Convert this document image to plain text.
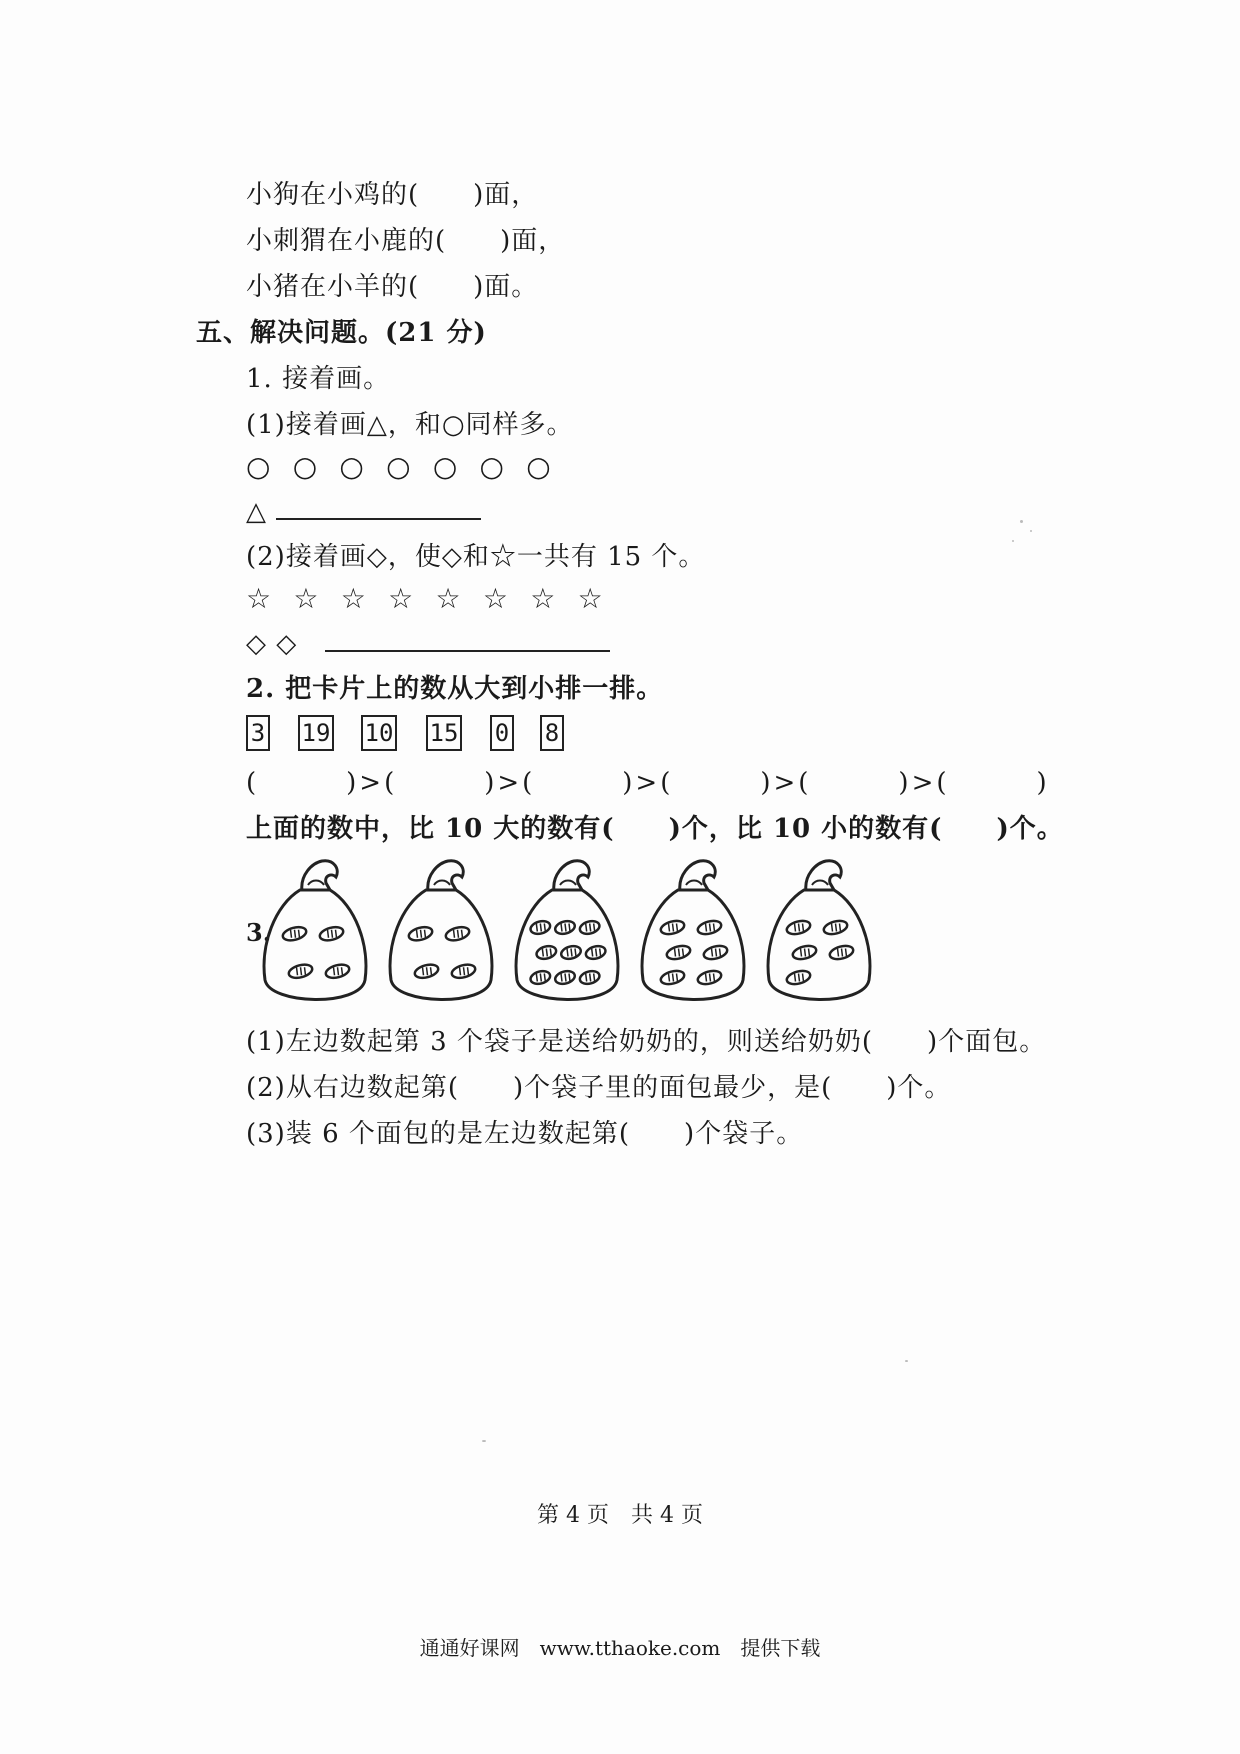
小狗在小鸡的(　　)面，
小刺猬在小鹿的(　　)面，
小猪在小羊的(　　)面。
五、解决问题。(21 分)
1. 接着画。
(1)接着画△，和○同样多。
○ ○ ○ ○ ○ ○ ○
△
(2)接着画◇，使◇和☆一共有 15 个。
☆ ☆ ☆ ☆ ☆ ☆ ☆ ☆
◇ ◇
2. 把卡片上的数从大到小排一排。
3 19 10 15 0 8
(　　　)>(　　　)>(　　　)>(　　　)>(　　　)>(　　　)
上面的数中，比 10 大的数有(　　)个，比 10 小的数有(　　)个。
3.
(1)左边数起第 3 个袋子是送给奶奶的，则送给奶奶(　　)个面包。
(2)从右边数起第(　　)个袋子里的面包最少，是(　　)个。
(3)装 6 个面包的是左边数起第(　　)个袋子。
第 4 页　共 4 页
通通好课网　www.tthaoke.com　提供下载
